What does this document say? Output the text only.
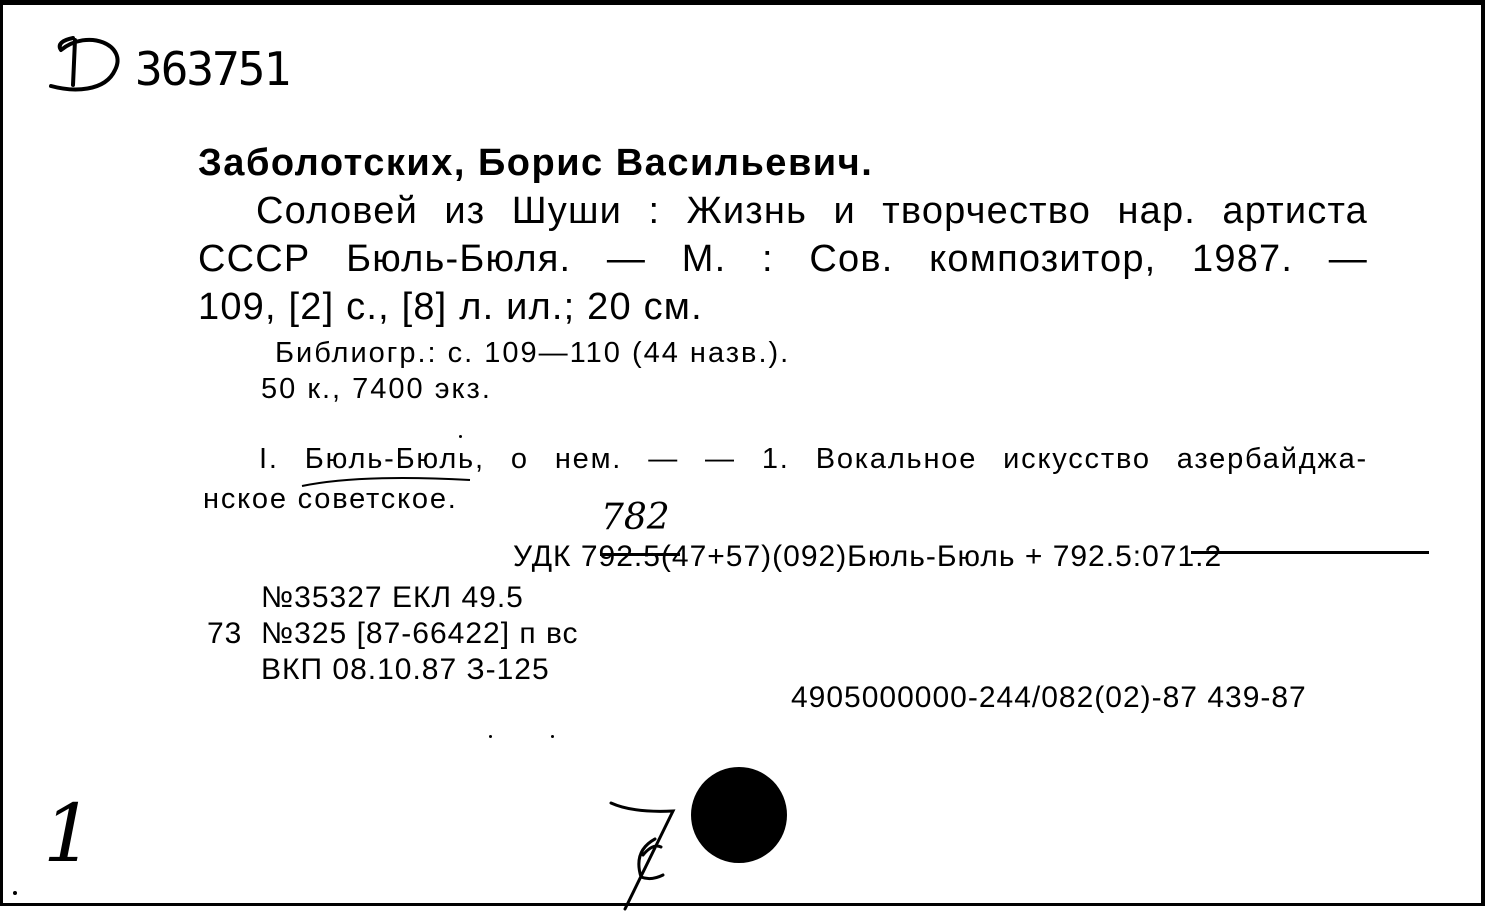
363751
Заболотских, Борис Васильевич.
Соловей из Шуши : Жизнь и творчество нар. артиста
СССР Бюль-Бюля. — М. : Сов. композитор, 1987. —
109, [2] с., [8] л. ил.; 20 см.
Библиогр.: с. 109—110 (44 назв.).
50 к., 7400 экз.
I. Бюль-Бюль, о нем. — — 1. Вокальное искусство азербайджа-
нское советское.	782
УДК 792.5(47+57)(092)Бюль-Бюль + 792.5:071.2
№35327 ЕКЛ 49.5
73 №325 [87-66422] п вс
ВКП 08.10.87 З-125
4905000000-244/082(02)-87 439-87
1
